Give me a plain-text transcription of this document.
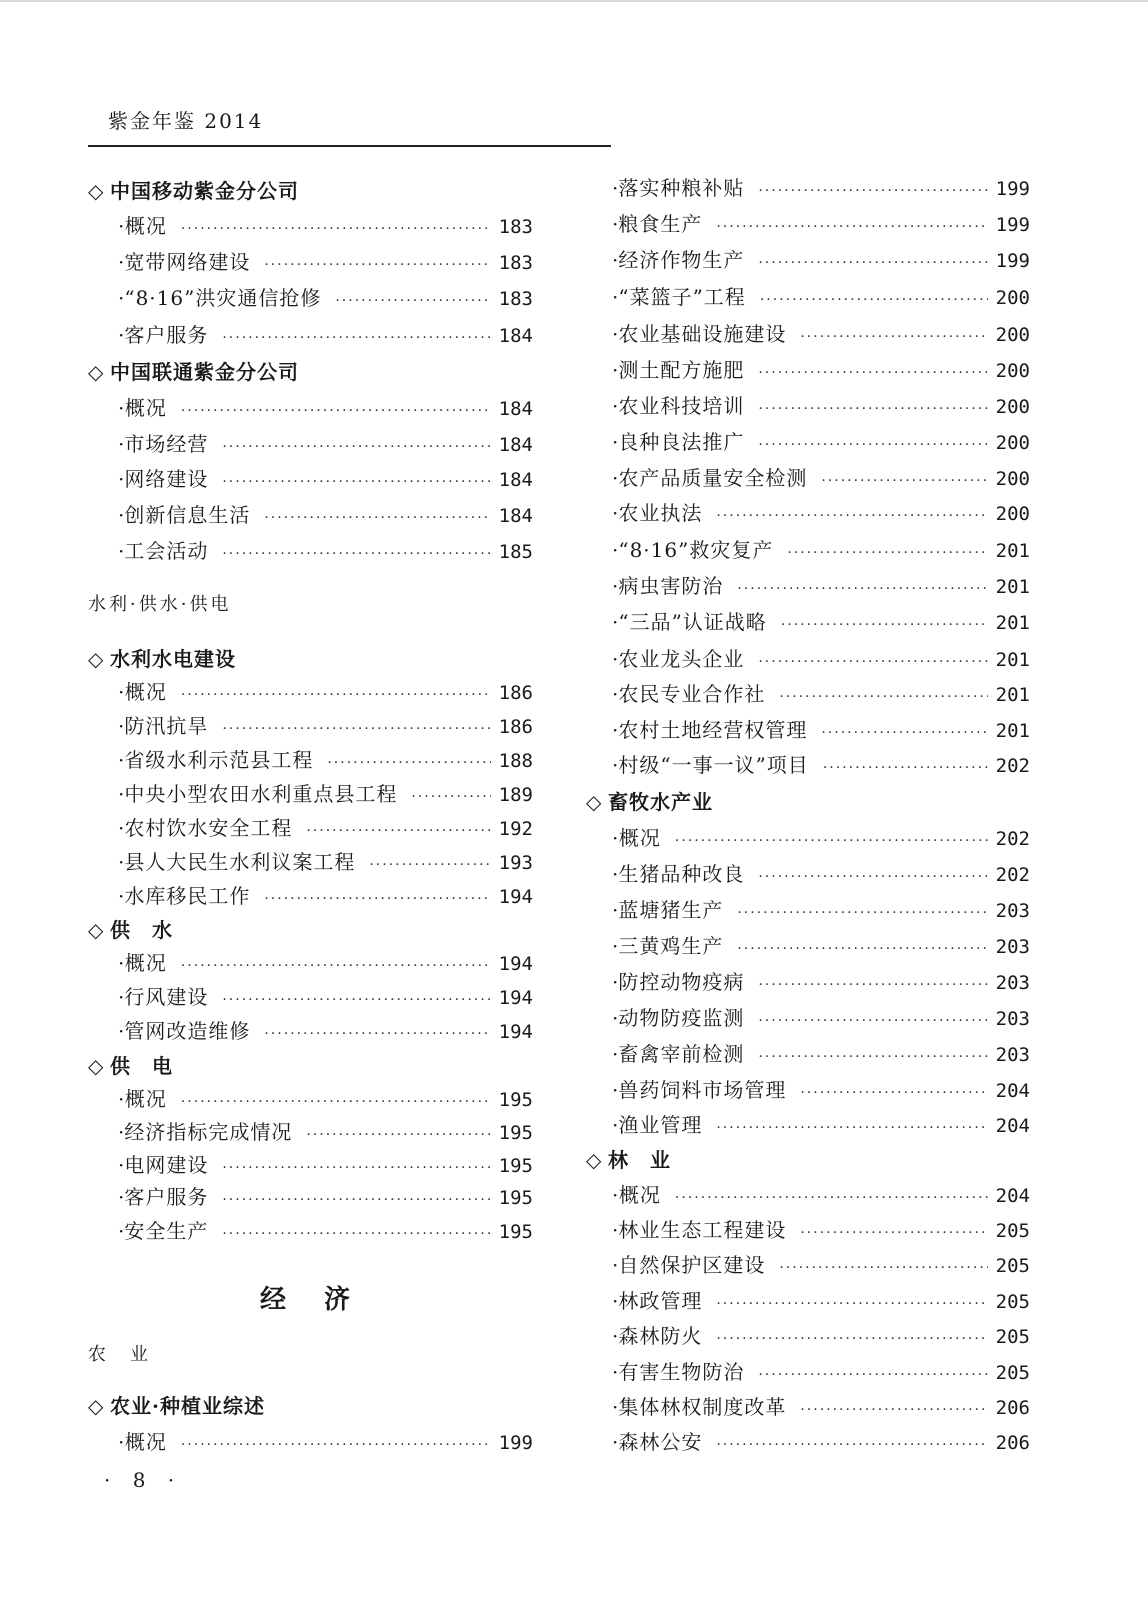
紫金年鉴 2014
◇ 中国移动紫金分公司
· 概况 ·····	183
· 宽带网络建设 ·····	183
· “8·16”洪灾通信抢修 ·····	183
· 客户服务 ·····	184
◇ 中国联通紫金分公司
· 概况 ·····	184
· 市场经营 ·····	184
· 网络建设 ·····	184
· 创新信息生活 ·····	184
· 工会活动 ·····	185
水利·供水·供电
◇ 水利水电建设
· 概况 ·····	186
· 防汛抗旱 ·····	186
· 省级水利示范县工程 ·····	188
· 中央小型农田水利重点县工程 ·····	189
· 农村饮水安全工程 ·····	192
· 县人大民生水利议案工程 ·····	193
· 水库移民工作 ·····	194
◇ 供　水
· 概况 ·····	194
· 行风建设 ·····	194
· 管网改造维修 ·····	194
◇ 供　电
· 概况 ·····	195
· 经济指标完成情况 ·····	195
· 电网建设 ·····	195
· 客户服务 ·····	195
· 安全生产 ·····	195
经济
农　业
◇ 农业·种植业综述
· 概况 ·····	199
· 落实种粮补贴 ·····	199
· 粮食生产 ·····	199
· 经济作物生产 ·····	199
· “菜篮子”工程 ·····	200
· 农业基础设施建设 ·····	200
· 测土配方施肥 ·····	200
· 农业科技培训 ·····	200
· 良种良法推广 ·····	200
· 农产品质量安全检测 ·····	200
· 农业执法 ·····	200
· “8·16”救灾复产 ·····	201
· 病虫害防治 ·····	201
· “三品”认证战略 ·····	201
· 农业龙头企业 ·····	201
· 农民专业合作社 ·····	201
· 农村土地经营权管理 ·····	201
· 村级“一事一议”项目 ·····	202
◇ 畜牧水产业
· 概况 ·····	202
· 生猪品种改良 ·····	202
· 蓝塘猪生产 ·····	203
· 三黄鸡生产 ·····	203
· 防控动物疫病 ·····	203
· 动物防疫监测 ·····	203
· 畜禽宰前检测 ·····	203
· 兽药饲料市场管理 ·····	204
· 渔业管理 ·····	204
◇ 林　业
· 概况 ·····	204
· 林业生态工程建设 ·····	205
· 自然保护区建设 ·····	205
· 林政管理 ·····	205
· 森林防火 ·····	205
· 有害生物防治 ·····	205
· 集体林权制度改革 ·····	206
· 森林公安 ·····	206
· 8 ·
